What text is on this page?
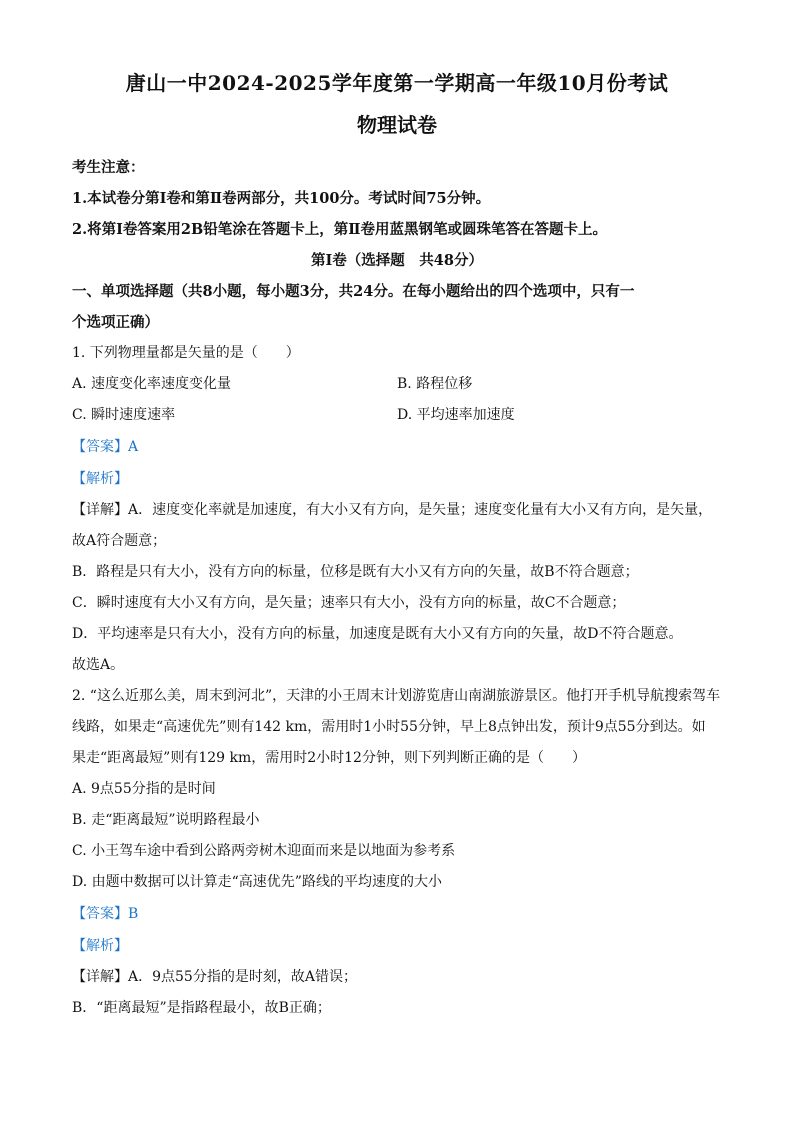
唐山一中2024-2025学年度第一学期高一年级10月份考试
物理试卷
考生注意：
1.本试卷分第Ⅰ卷和第Ⅱ卷两部分，共100分。考试时间75分钟。
2.将第Ⅰ卷答案用2B铅笔涂在答题卡上，第Ⅱ卷用蓝黑钢笔或圆珠笔答在答题卡上。
第Ⅰ卷（选择题　共48分）
一、单项选择题（共8小题，每小题3分，共24分。在每小题给出的四个选项中，只有一
个选项正确）
1. 下列物理量都是矢量的是（　　）
A. 速度变化率速度变化量	B. 路程位移
C. 瞬时速度速率	D. 平均速率加速度
【答案】A
【解析】
【详解】A．速度变化率就是加速度，有大小又有方向，是矢量；速度变化量有大小又有方向，是矢量，
故A符合题意；
B．路程是只有大小，没有方向的标量，位移是既有大小又有方向的矢量，故B不符合题意；
C．瞬时速度有大小又有方向，是矢量；速率只有大小，没有方向的标量，故C不合题意；
D．平均速率是只有大小，没有方向的标量，加速度是既有大小又有方向的矢量，故D不符合题意。
故选A。
2. “这么近那么美，周末到河北”，天津的小王周末计划游览唐山南湖旅游景区。他打开手机导航搜索驾车
线路，如果走“高速优先”则有142 km，需用时1小时55分钟，早上8点钟出发，预计9点55分到达。如
果走“距离最短”则有129 km，需用时2小时12分钟，则下列判断正确的是（　　）
A. 9点55分指的是时间
B. 走“距离最短”说明路程最小
C. 小王驾车途中看到公路两旁树木迎面而来是以地面为参考系
D. 由题中数据可以计算走“高速优先”路线的平均速度的大小
【答案】B
【解析】
【详解】A．9点55分指的是时刻，故A错误；
B．“距离最短”是指路程最小，故B正确；
